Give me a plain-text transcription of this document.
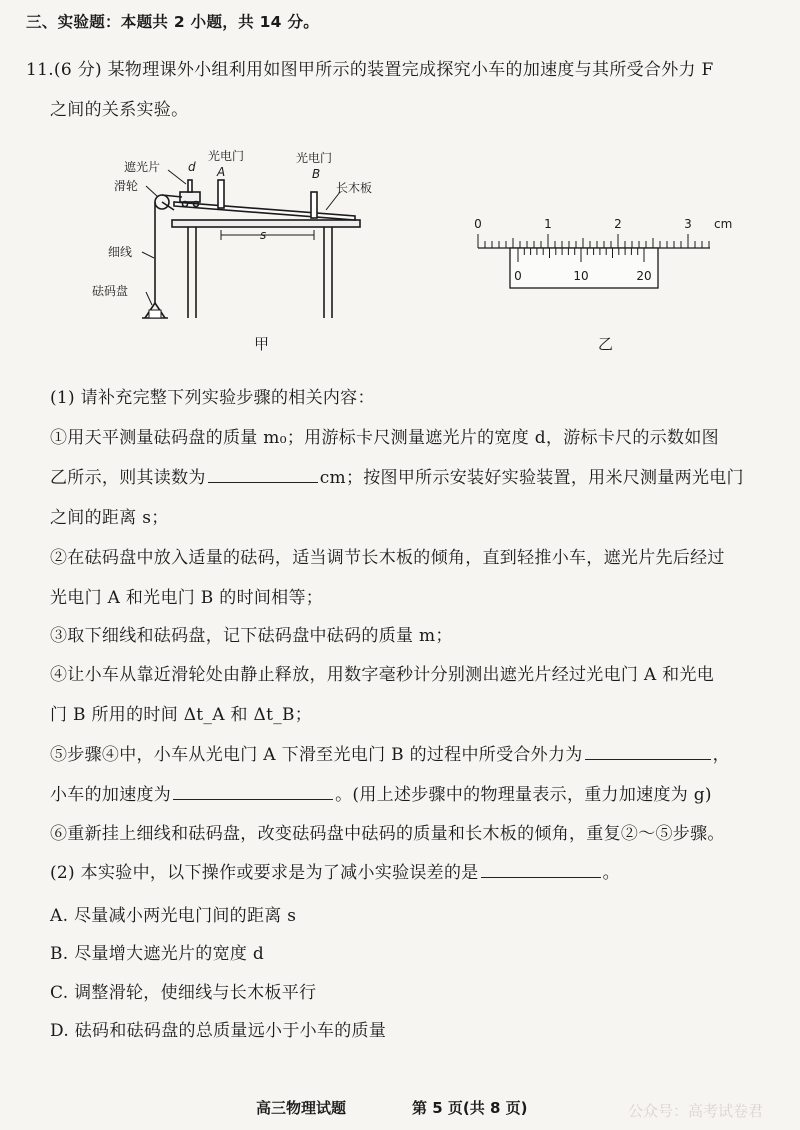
三、实验题：本题共 2 小题，共 14 分。
11.(6 分) 某物理课外小组利用如图甲所示的装置完成探究小车的加速度与其所受合外力 F
之间的关系实验。
遮光片 d
滑轮
光电门
A
光电门
B
长木板
s
细线
砝码盘
甲
0	1	2	3 cm
0	10	20
乙
(1) 请补充完整下列实验步骤的相关内容：
①用天平测量砝码盘的质量 m₀；用游标卡尺测量遮光片的宽度 d，游标卡尺的示数如图
乙所示，则其读数为	cm；按图甲所示安装好实验装置，用米尺测量两光电门
之间的距离 s；
②在砝码盘中放入适量的砝码，适当调节长木板的倾角，直到轻推小车，遮光片先后经过
光电门 A 和光电门 B 的时间相等；
③取下细线和砝码盘，记下砝码盘中砝码的质量 m；
④让小车从靠近滑轮处由静止释放，用数字毫秒计分别测出遮光片经过光电门 A 和光电
门 B 所用的时间 Δt_A 和 Δt_B；
⑤步骤④中，小车从光电门 A 下滑至光电门 B 的过程中所受合外力为	，
小车的加速度为	。(用上述步骤中的物理量表示，重力加速度为 g)
⑥重新挂上细线和砝码盘，改变砝码盘中砝码的质量和长木板的倾角，重复②～⑤步骤。
(2) 本实验中，以下操作或要求是为了减小实验误差的是	。
A. 尽量减小两光电门间的距离 s
B. 尽量增大遮光片的宽度 d
C. 调整滑轮，使细线与长木板平行
D. 砝码和砝码盘的总质量远小于小车的质量
高三物理试题	第 5 页(共 8 页)	公众号：高考试卷君
